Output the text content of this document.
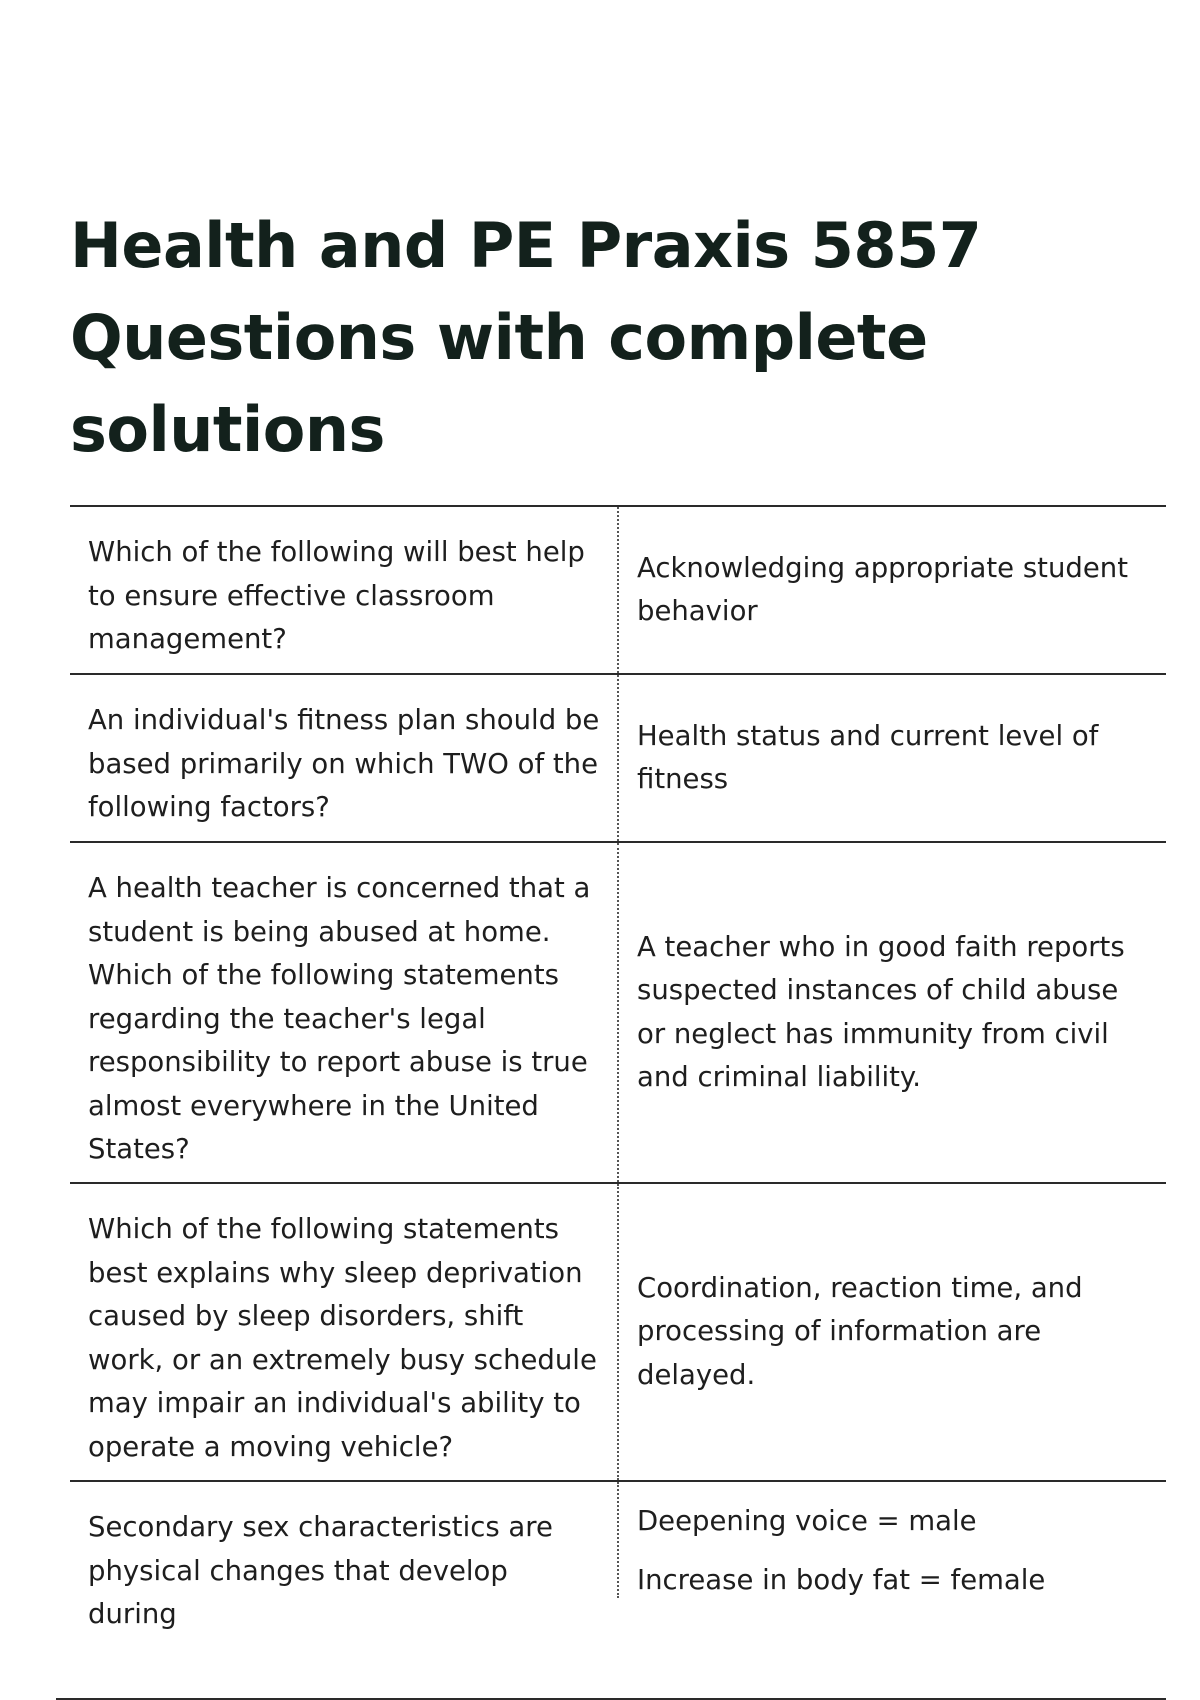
Health and PE Praxis 5857 Questions with complete solutions
Which of the following will best help to ensure effective classroom management?

Acknowledging appropriate student behavior

An individual's fitness plan should be based primarily on which TWO of the following factors?

Health status and current level of fitness

A health teacher is concerned that a student is being abused at home. Which of the following statements regarding the teacher's legal responsibility to report abuse is true almost everywhere in the United States?

A teacher who in good faith reports suspected instances of child abuse or neglect has immunity from civil and criminal liability.

Which of the following statements best explains why sleep deprivation caused by sleep disorders, shift work, or an extremely busy schedule may impair an individual's ability to operate a moving vehicle?

Coordination, reaction time, and processing of information are delayed.

Secondary sex characteristics are physical changes that develop during

Deepening voice = male

Increase in body fat = female
